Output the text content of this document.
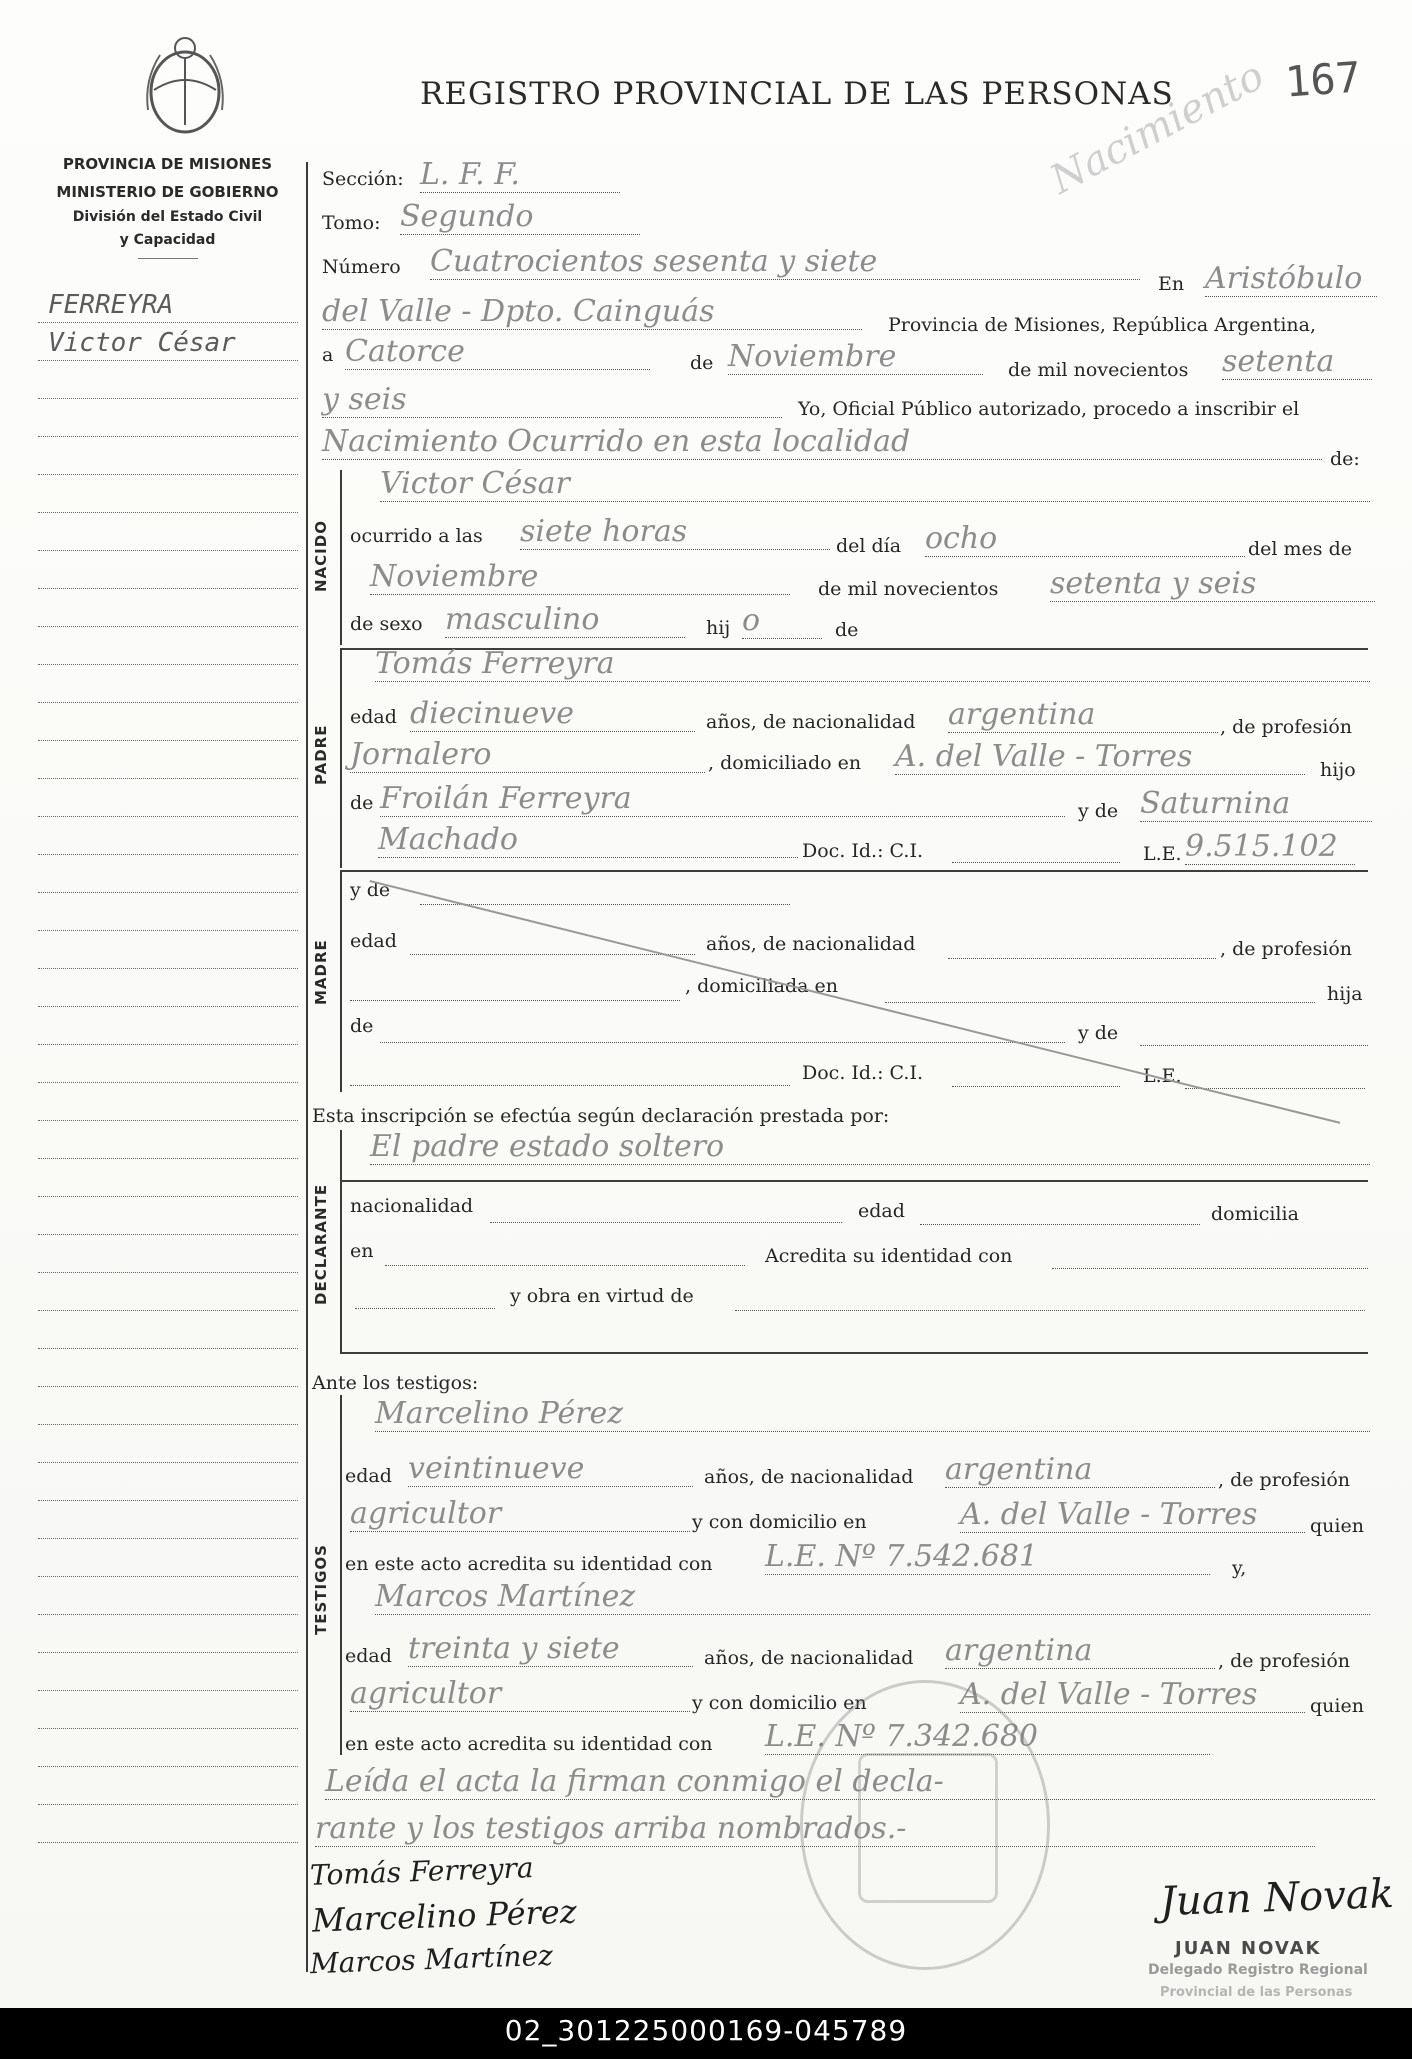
REGISTRO PROVINCIAL DE LAS PERSONAS	167
Nacimiento
PROVINCIA DE MISIONES
MINISTERIO DE GOBIERNO
División del Estado Civil
y Capacidad
FERREYRA
Victor César
Sección: L. F. F.
Tomo: Segundo
Número Cuatrocientos sesenta y siete
En Aristóbulo
del Valle - Dpto. Cainguás	Provincia de Misiones, República Argentina,
a Catorce	de Noviembre	de mil novecientos setenta
y seis	Yo, Oficial Público autorizado, procedo a inscribir el
Nacimiento Ocurrido en esta localidad	de:
NACIDO
Victor César
ocurrido a las siete horas	del día ocho	del mes de
Noviembre	de mil novecientos setenta y seis
de sexo masculino	hij o	de
PADRE
Tomás Ferreyra
edad diecinueve	años, de nacionalidad argentina	, de profesión
Jornalero	, domiciliado en A. del Valle - Torres	hijo
de Froilán Ferreyra	y de Saturnina
Machado	Doc. Id.: C.I.	L.E. 9.515.102
MADRE
y de
edad	años, de nacionalidad	, de profesión
, domiciliada en	hija
de	y de
Doc. Id.: C.I.	L.E.
Esta inscripción se efectúa según declaración prestada por:
DECLARANTE
El padre estado soltero
nacionalidad	edad	domicilia
en	Acredita su identidad con
y obra en virtud de
Ante los testigos:
TESTIGOS
Marcelino Pérez
edad veintinueve	años, de nacionalidad argentina	, de profesión
agricultor	y con domicilio en	A. del Valle - Torres	quien
en este acto acredita su identidad con L.E. Nº 7.542.681	y,
Marcos Martínez
edad treinta y siete	años, de nacionalidad argentina	, de profesión
agricultor	y con domicilio en	A. del Valle - Torres	quien
en este acto acredita su identidad con L.E. Nº 7.342.680
Leída el acta la firman conmigo el decla-
rante y los testigos arriba nombrados.-
Tomás Ferreyra
Marcelino Pérez
Marcos Martínez
Juan Novak
JUAN NOVAK
Delegado Registro Regional
Provincial de las Personas
02_301225000169-045789
